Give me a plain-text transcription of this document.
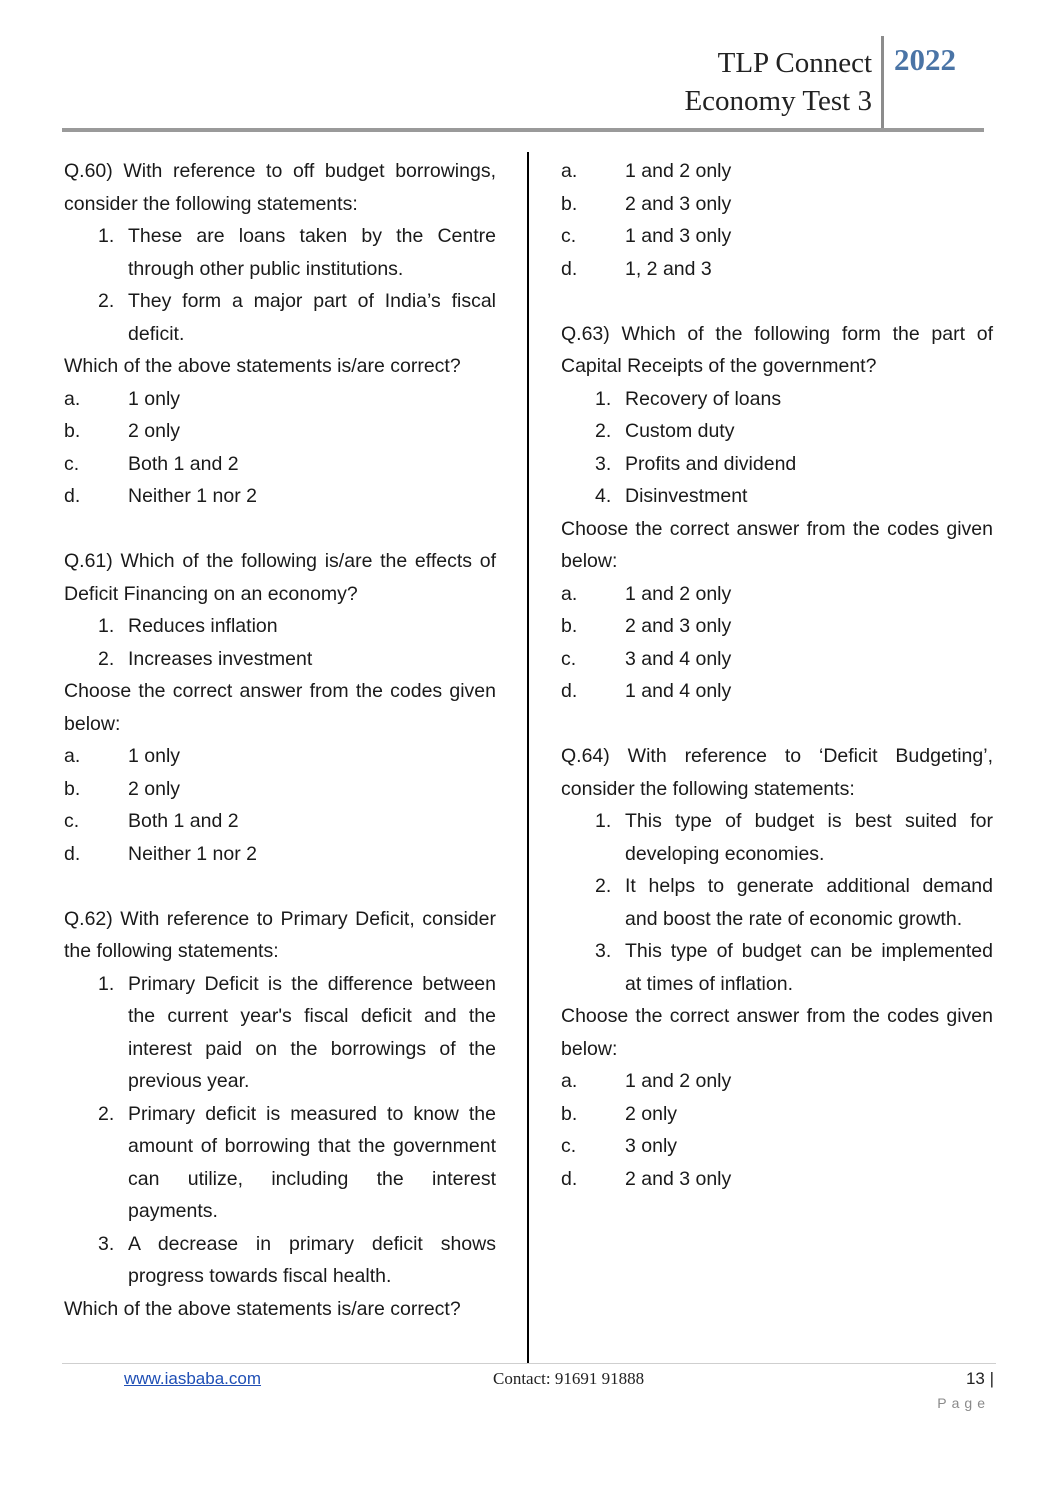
TLP Connect
Economy Test 3
2022

Q.60) With reference to off budget borrowings, consider the following statements:

1. These are loans taken by the Centre through other public institutions.
2. They form a major part of India’s fiscal deficit.

Which of the above statements is/are correct?

a.	1 only
b.	2 only
c.	Both 1 and 2
d.	Neither 1 nor 2

Q.61) Which of the following is/are the effects of Deficit Financing on an economy?

1. Reduces inflation
2. Increases investment

Choose the correct answer from the codes given below:

a.	1 only
b.	2 only
c.	Both 1 and 2
d.	Neither 1 nor 2

Q.62) With reference to Primary Deficit, consider the following statements:

1. Primary Deficit is the difference between the current year's fiscal deficit and the interest paid on the borrowings of the previous year.
2. Primary deficit is measured to know the amount of borrowing that the government can utilize, including the interest payments.
3. A decrease in primary deficit shows progress towards fiscal health.

Which of the above statements is/are correct?

a.	1 and 2 only
b.	2 and 3 only
c.	1 and 3 only
d.	1, 2 and 3

Q.63) Which of the following form the part of Capital Receipts of the government?

1. Recovery of loans
2. Custom duty
3. Profits and dividend
4. Disinvestment

Choose the correct answer from the codes given below:

a.	1 and 2 only
b.	2 and 3 only
c.	3 and 4 only
d.	1 and 4 only

Q.64) With reference to ‘Deficit Budgeting’, consider the following statements:

1. This type of budget is best suited for developing economies.
2. It helps to generate additional demand and boost the rate of economic growth.
3. This type of budget can be implemented at times of inflation.

Choose the correct answer from the codes given below:

a.	1 and 2 only
b.	2 only
c.	3 only
d.	2 and 3 only
www.iasbaba.com	Contact: 91691 91888	13 |
Page
